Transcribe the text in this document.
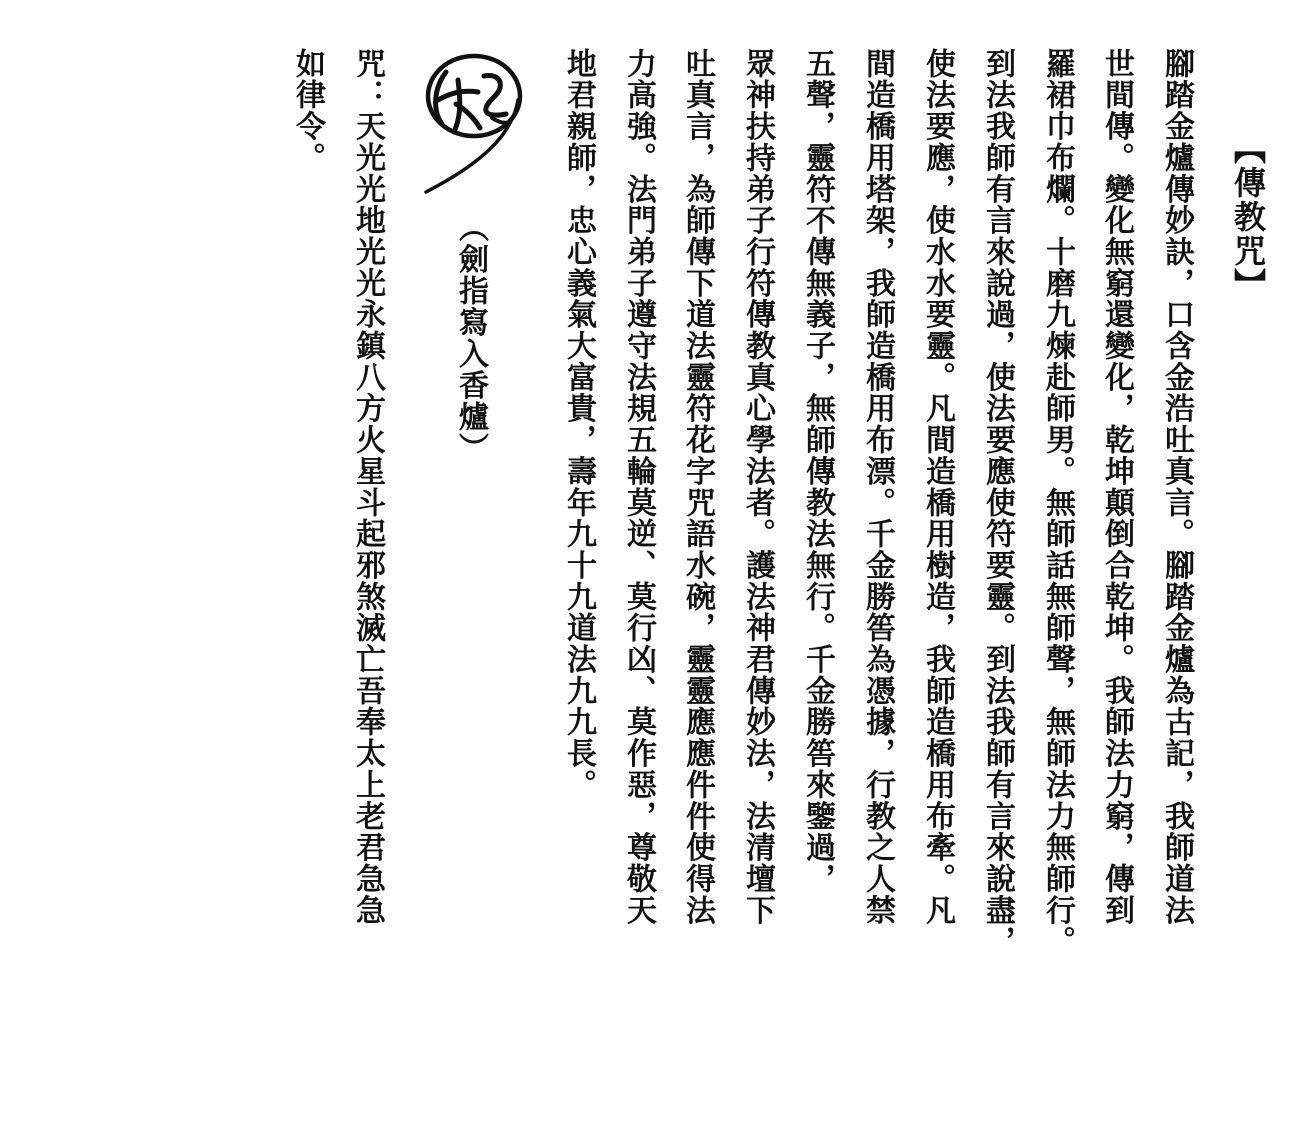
【傳教咒】
腳踏金爐傳妙訣，口含金浩吐真言。腳踏金爐為古記，我師道法
世間傳。變化無窮還變化，乾坤顛倒合乾坤。我師法力窮，傳到
羅裙巾布爛。十磨九煉赴師男。無師話無師聲，無師法力無師行。
到法我師有言來說過，使法要應使符要靈。到法我師有言來說盡，
使法要應，使水水要靈。凡間造橋用樹造，我師造橋用布牽。凡
間造橋用塔架，我師造橋用布漂。千金勝筶為憑據，行教之人禁
五聲，靈符不傳無義子，無師傳教法無行。千金勝筶來鑒過，
眾神扶持弟子行符傳教真心學法者。護法神君傳妙法，法清壇下
吐真言，為師傳下道法靈符花字咒語水碗，靈靈應應件件使得法
力高強。法門弟子遵守法規五輪莫逆、莫行凶、莫作惡，尊敬天
地君親師，忠心義氣大富貴，壽年九十九道法九九長。
（劍指寫入香爐）
咒：天光光地光光永鎮八方火星斗起邪煞滅亡吾奉太上老君急急
如律令。
